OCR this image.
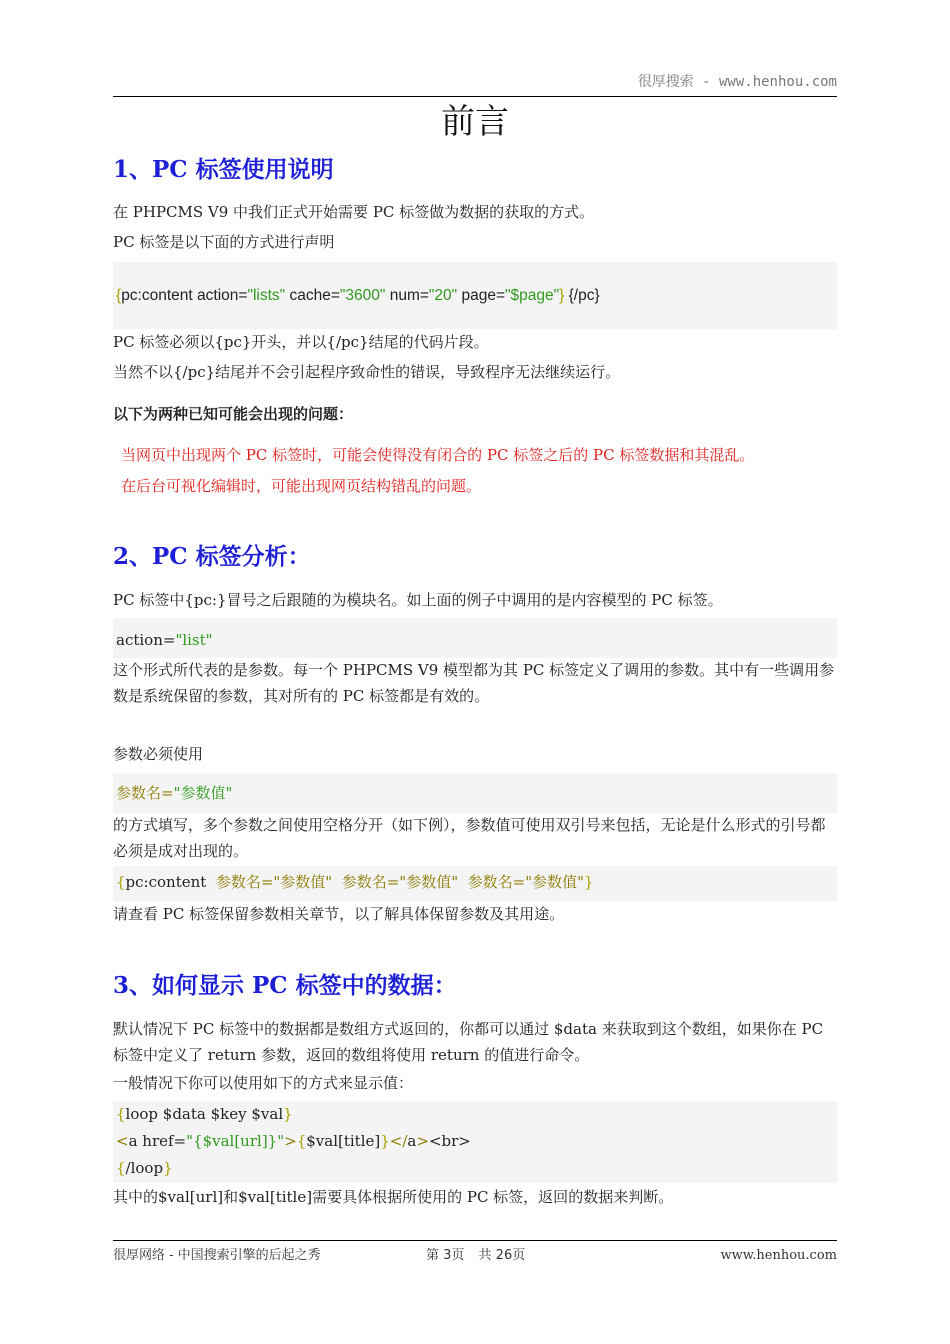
很厚搜索 - www.henhou.com
前言
1、PC 标签使用说明
在 PHPCMS V9 中我们正式开始需要 PC 标签做为数据的获取的方式。
PC 标签是以下面的方式进行声明
{pc:content action="lists" cache="3600" num="20" page="$page"} {/pc}
PC 标签必须以{pc}开头，并以{/pc}结尾的代码片段。
当然不以{/pc}结尾并不会引起程序致命性的错误，导致程序无法继续运行。
以下为两种已知可能会出现的问题：
当网页中出现两个 PC 标签时，可能会使得没有闭合的 PC 标签之后的 PC 标签数据和其混乱。
在后台可视化编辑时，可能出现网页结构错乱的问题。
2、PC 标签分析：
PC 标签中{pc:}冒号之后跟随的为模块名。如上面的例子中调用的是内容模型的 PC 标签。
action="list"
这个形式所代表的是参数。每一个 PHPCMS V9 模型都为其 PC 标签定义了调用的参数。其中有一些调用参数是系统保留的参数，其对所有的 PC 标签都是有效的。
参数必须使用
参数名="参数值"
的方式填写，多个参数之间使用空格分开（如下例），参数值可使用双引号来包括，无论是什么形式的引号都必须是成对出现的。
{pc:content  参数名="参数值"  参数名="参数值"  参数名="参数值"}
请查看 PC 标签保留参数相关章节，以了解具体保留参数及其用途。
3、如何显示 PC 标签中的数据：
默认情况下 PC 标签中的数据都是数组方式返回的，你都可以通过 $data 来获取到这个数组，如果你在 PC 标签中定义了 return 参数，返回的数组将使用 return 的值进行命令。
一般情况下你可以使用如下的方式来显示值：
{loop $data $key $val}
<a href="{$val[url]}">{$val[title]}</a><br>
{/loop}
其中的$val[url]和$val[title]需要具体根据所使用的 PC 标签，返回的数据来判断。
很厚网络 - 中国搜索引擎的后起之秀	第 3页 共 26页	www.henhou.com
